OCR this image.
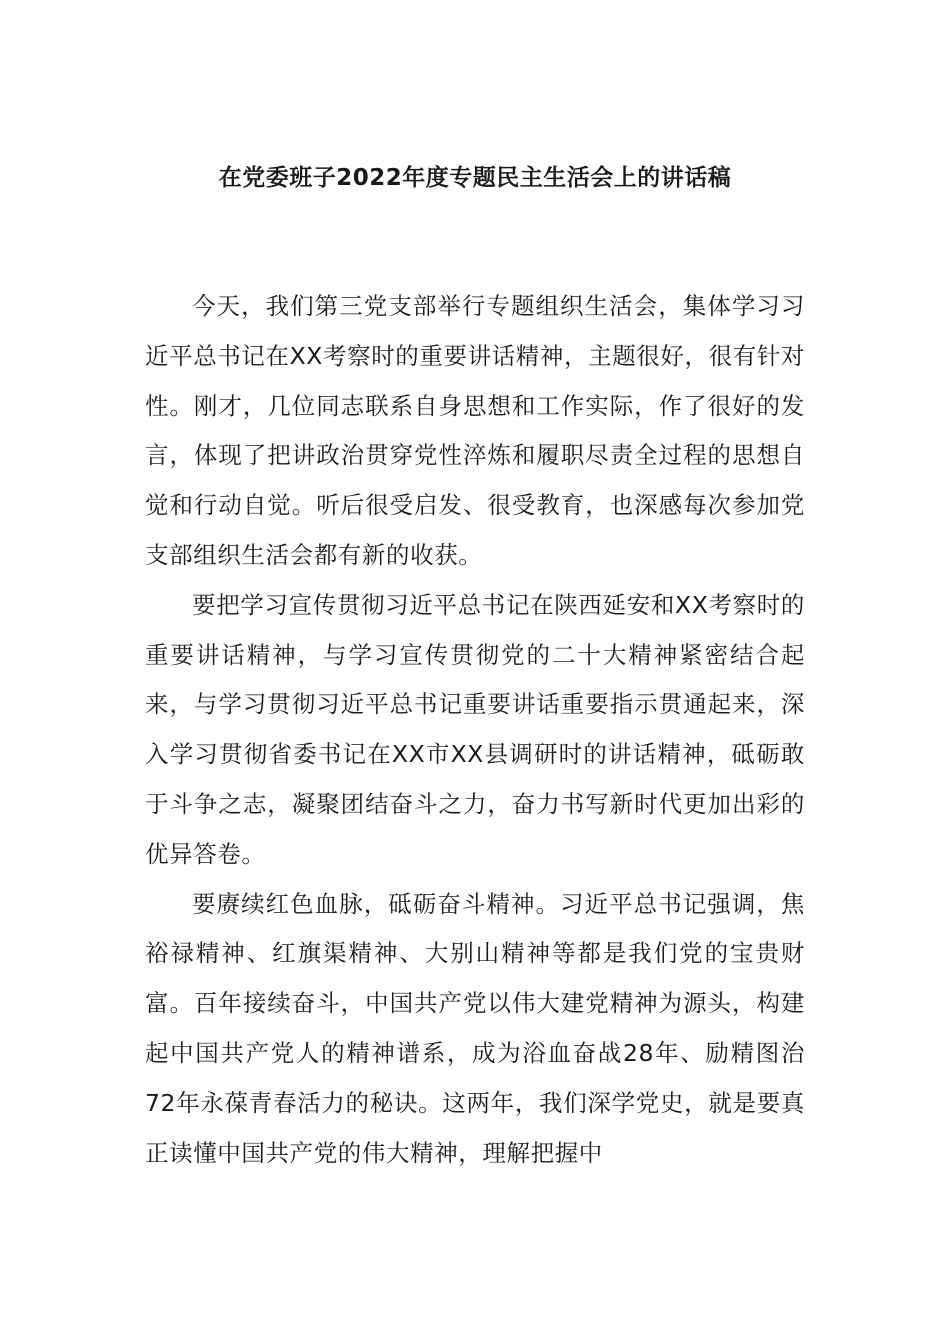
在党委班子2022年度专题民主生活会上的讲话稿

今天，我们第三党支部举行专题组织生活会，集体学习习近平总书记在XX考察时的重要讲话精神，主题很好，很有针对性。刚才，几位同志联系自身思想和工作实际，作了很好的发言，体现了把讲政治贯穿党性淬炼和履职尽责全过程的思想自觉和行动自觉。听后很受启发、很受教育，也深感每次参加党支部组织生活会都有新的收获。

要把学习宣传贯彻习近平总书记在陕西延安和XX考察时的重要讲话精神，与学习宣传贯彻党的二十大精神紧密结合起来，与学习贯彻习近平总书记重要讲话重要指示贯通起来，深入学习贯彻省委书记在XX市XX县调研时的讲话精神，砥砺敢于斗争之志，凝聚团结奋斗之力，奋力书写新时代更加出彩的优异答卷。

要赓续红色血脉，砥砺奋斗精神。习近平总书记强调，焦裕禄精神、红旗渠精神、大别山精神等都是我们党的宝贵财富。百年接续奋斗，中国共产党以伟大建党精神为源头，构建起中国共产党人的精神谱系，成为浴血奋战28年、励精图治72年永葆青春活力的秘诀。这两年，我们深学党史，就是要真正读懂中国共产党的伟大精神，理解把握中
